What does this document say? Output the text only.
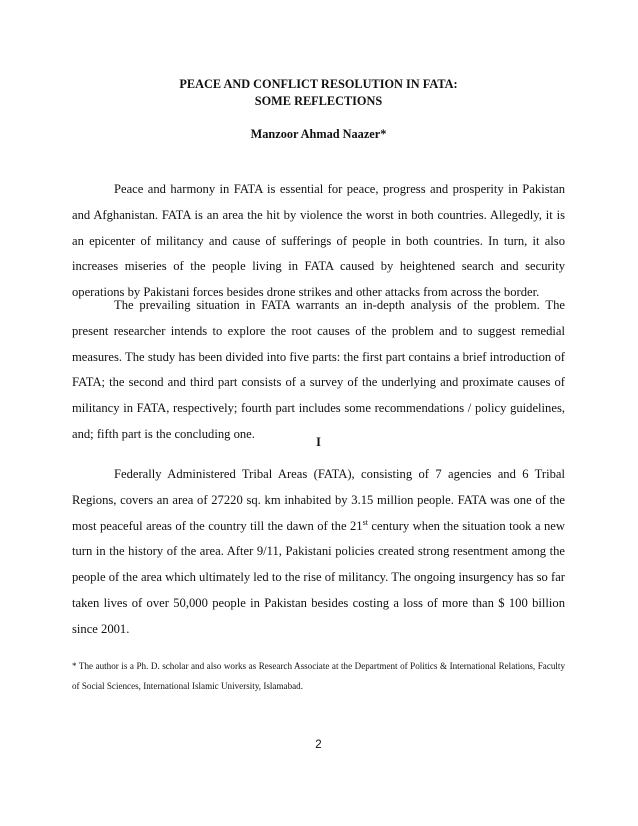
PEACE AND CONFLICT RESOLUTION IN FATA:
SOME REFLECTIONS
Manzoor Ahmad Naazer*

Peace and harmony in FATA is essential for peace, progress and prosperity in Pakistan and Afghanistan. FATA is an area the hit by violence the worst in both countries. Allegedly, it is an epicenter of militancy and cause of sufferings of people in both countries. In turn, it also increases miseries of the people living in FATA caused by heightened search and security operations by Pakistani forces besides drone strikes and other attacks from across the border.

The prevailing situation in FATA warrants an in-depth analysis of the problem. The present researcher intends to explore the root causes of the problem and to suggest remedial measures. The study has been divided into five parts: the first part contains a brief introduction of FATA; the second and third part consists of a survey of the underlying and proximate causes of militancy in FATA, respectively; fourth part includes some recommendations / policy guidelines, and; fifth part is the concluding one.

I

Federally Administered Tribal Areas (FATA), consisting of 7 agencies and 6 Tribal Regions, covers an area of 27220 sq. km inhabited by 3.15 million people. FATA was one of the most peaceful areas of the country till the dawn of the 21st century when the situation took a new turn in the history of the area. After 9/11, Pakistani policies created strong resentment among the people of the area which ultimately led to the rise of militancy. The ongoing insurgency has so far taken lives of over 50,000 people in Pakistan besides costing a loss of more than $ 100 billion since 2001.

* The author is a Ph. D. scholar and also works as Research Associate at the Department of Politics & International Relations, Faculty of Social Sciences, International Islamic University, Islamabad.

2
